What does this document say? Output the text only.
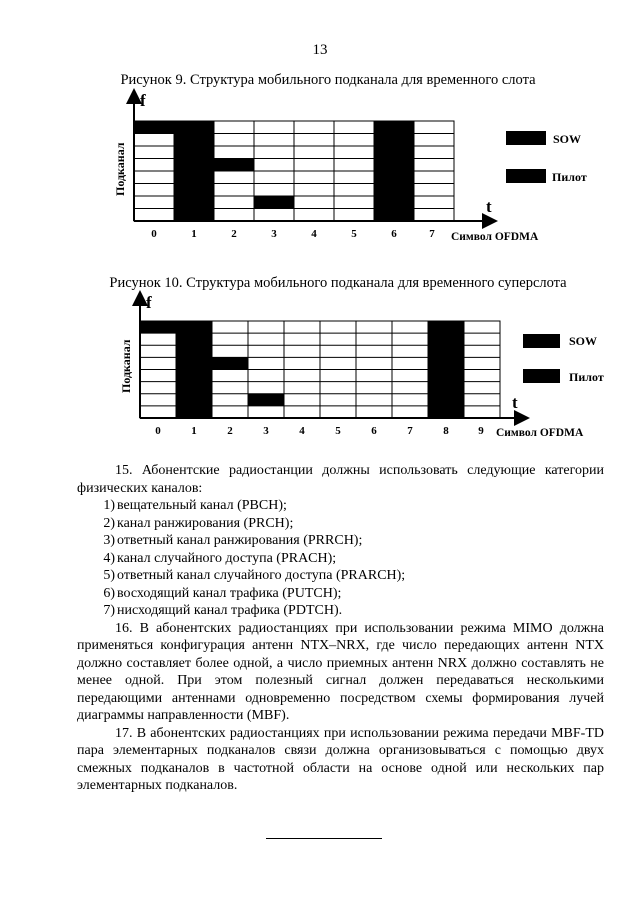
13
Рисунок 9. Структура мобильного подканала для временного слота
f
t
Подканал
0	1	2	3	4	5	6	7 Символ OFDMA
SOW
Пилот
f
t
Подканал
0	1	2	3	4	5	6	7	8	9 Символ OFDMA
SOW
Пилот
Рисунок 10. Структура мобильного подканала для временного суперслота

15. Абонентские радиостанции должны использовать следующие категории физических каналов:

1) вещательный канал (PBCH);
2) канал ранжирования (PRCH);
3) ответный канал ранжирования (PRRCH);
4) канал случайного доступа (PRACH);
5) ответный канал случайного доступа (PRARCH);
6) восходящий канал трафика (PUTCH);
7) нисходящий канал трафика (PDTCH).

16. В абонентских радиостанциях при использовании режима MIMO должна применяться конфигурация антенн NTX–NRX, где число передающих антенн NTX должно составляет более одной, а число приемных антенн NRX должно составлять не менее одной. При этом полезный сигнал должен передаваться несколькими передающими антеннами одновременно посредством схемы формирования лучей диаграммы направленности (MBF).

17. В абонентских радиостанциях при использовании режима передачи MBF-TD пара элементарных подканалов связи должна организовываться с помощью двух смежных подканалов в частотной области на основе одной или нескольких пар элементарных подканалов.
